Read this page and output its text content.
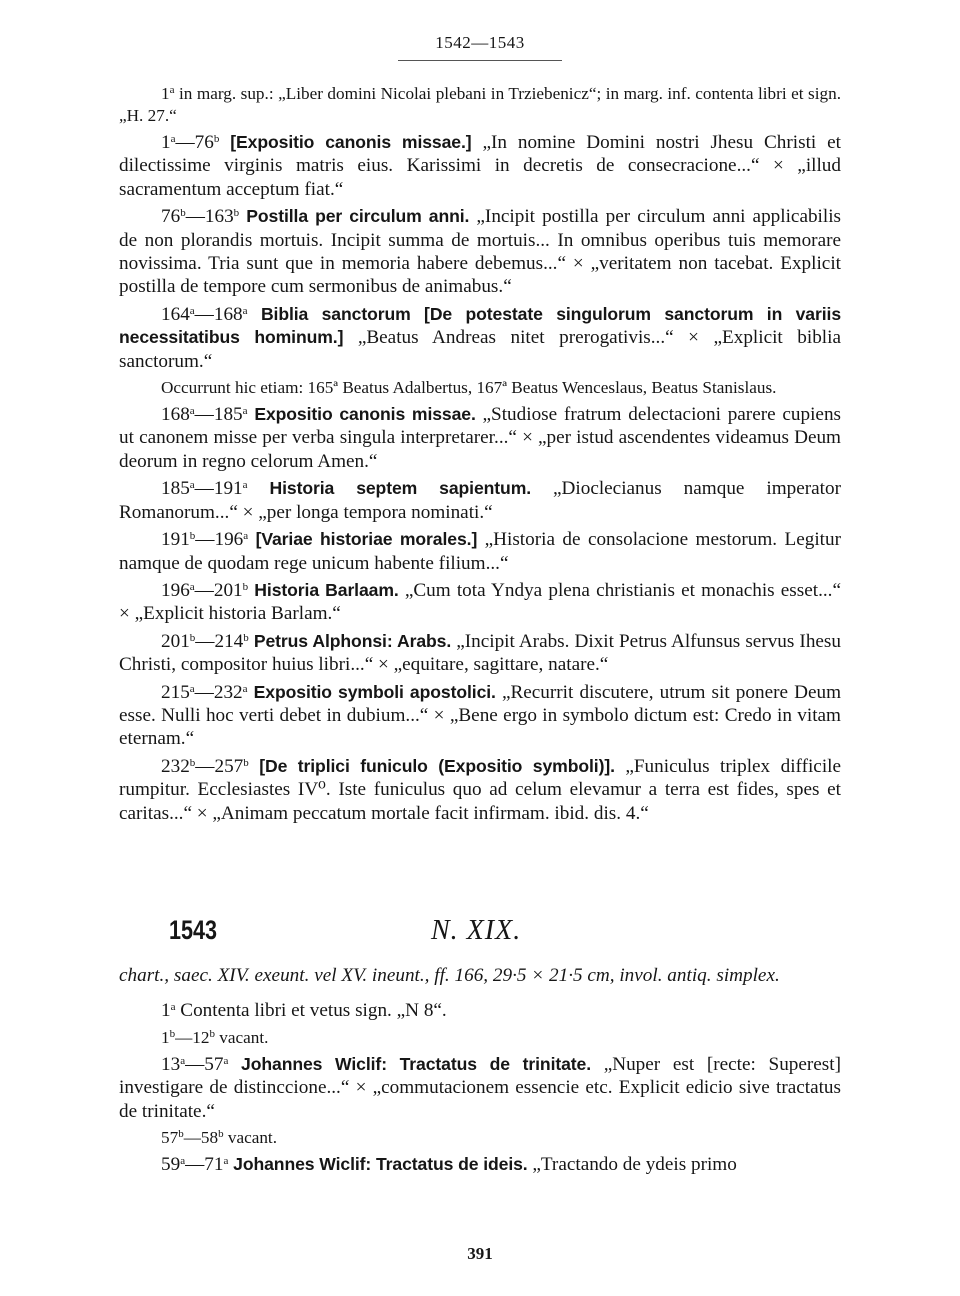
1542—1543

1$^a$ in marg. sup.: „Liber domini Nicolai plebani in Trziebenicz“; in marg. inf. contenta libri et sign. „H. 27.“

1$^a$—76$^b$ [Expositio canonis missae.] „In nomine Domini nostri Jhesu Christi et dilectissime virginis matris eius. Karissimi in decretis de consecracione...“ × „illud sacramentum acceptum fiat.“

76$^b$—163$^b$ Postilla per circulum anni. „Incipit postilla per circulum anni applicabilis de non plorandis mortuis. Incipit summa de mortuis... In omnibus operibus tuis memorare novissima. Tria sunt que in memoria habere debemus...“ × „veritatem non tacebat. Explicit postilla de tempore cum sermonibus de animabus.“

164$^a$—168$^a$ Biblia sanctorum [De potestate singulorum sanctorum in variis necessitatibus hominum.] „Beatus Andreas nitet prerogativis...“ × „Explicit biblia sanctorum.“

Occurrunt hic etiam: 165ª Beatus Adalbertus, 167ª Beatus Wenceslaus, Beatus Stanislaus.

168$^a$—185$^a$ Expositio canonis missae. „Studiose fratrum delectacioni parere cupiens ut canonem misse per verba singula interpretarer...“ × „per istud ascendentes videamus Deum deorum in regno celorum Amen.“

185$^a$—191$^a$ Historia septem sapientum. „Dioclecianus namque imperator Romanorum...“ × „per longa tempora nominati.“

191$^b$—196$^a$ [Variae historiae morales.] „Historia de consolacione mestorum. Legitur namque de quodam rege unicum habente filium...“

196$^a$—201$^b$ Historia Barlaam. „Cum tota Yndya plena christianis et monachis esset...“ × „Explicit historia Barlam.“

201$^b$—214$^b$ Petrus Alphonsi: Arabs. „Incipit Arabs. Dixit Petrus Alfunsus servus Ihesu Christi, compositor huius libri...“ × „equitare, sagittare, natare.“

215$^a$—232$^a$ Expositio symboli apostolici. „Recurrit discutere, utrum sit ponere Deum esse. Nulli hoc verti debet in dubium...“ × „Bene ergo in symbolo dictum est: Credo in vitam eternam.“

232$^b$—257$^b$ [De triplici funiculo (Expositio symboli)]. „Funiculus triplex difficile rumpitur. Ecclesiastes IV⁰. Iste funiculus quo ad celum elevamur a terra est fides, spes et caritas...“ × „Animam peccatum mortale facit infirmam. ibid. dis. 4.“

1543	N. XIX.

chart., saec. XIV. exeunt. vel XV. ineunt., ff. 166, 29·5 × 21·5 cm, invol. antiq. simplex.

1$^a$ Contenta libri et vetus sign. „N 8“.

1$^b$—12$^b$ vacant.

13$^a$—57$^a$ Johannes Wiclif: Tractatus de trinitate. „Nuper est [recte: Superest] investigare de distinccione...“ × „commutacionem essencie etc. Explicit edicio sive tractatus de trinitate.“

57$^b$—58$^b$ vacant.

59$^a$—71$^a$ Johannes Wiclif: Tractatus de ideis. „Tractando de ydeis primo

391
